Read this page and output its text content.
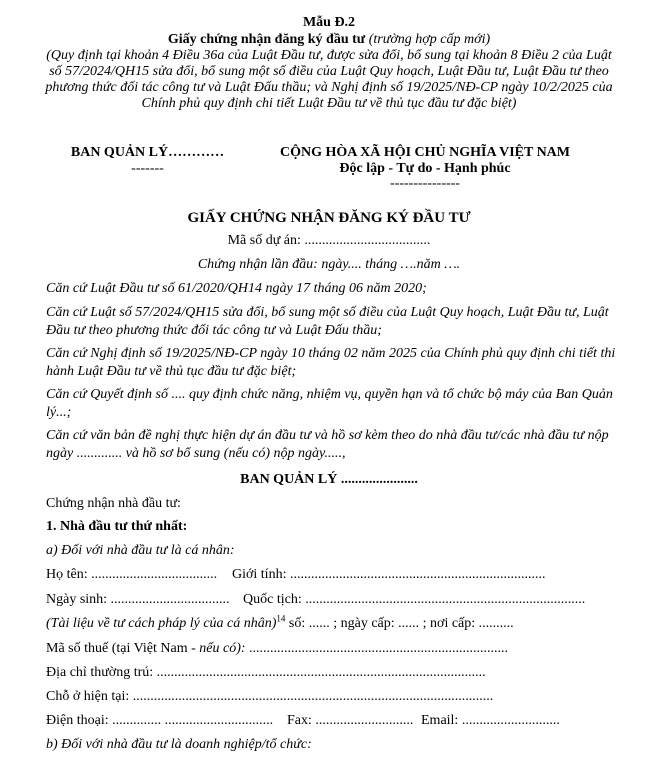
Mẫu Đ.2
Giấy chứng nhận đăng ký đầu tư (trường hợp cấp mới)
(Quy định tại khoản 4 Điều 36a của Luật Đầu tư, được sửa đổi, bổ sung tại khoản 8 Điều 2 của Luật số 57/2024/QH15 sửa đổi, bổ sung một số điều của Luật Quy hoạch, Luật Đầu tư, Luật Đầu tư theo phương thức đối tác công tư và Luật Đấu thầu; và Nghị định số 19/2025/NĐ-CP ngày 10/2/2025 của Chính phủ quy định chi tiết Luật Đầu tư về thủ tục đầu tư đặc biệt)
BAN QUẢN LÝ…………
-------
CỘNG HÒA XÃ HỘI CHỦ NGHĨA VIỆT NAM
Độc lập - Tự do - Hạnh phúc
---------------
GIẤY CHỨNG NHẬN ĐĂNG KÝ ĐẦU TƯ
Mã số dự án: ....................................
Chứng nhận lần đầu: ngày.... tháng ….năm ….
Căn cứ Luật Đầu tư số 61/2020/QH14 ngày 17 tháng 06 năm 2020;
Căn cứ Luật số 57/2024/QH15 sửa đổi, bổ sung một số điều của Luật Quy hoạch, Luật Đầu tư, Luật Đầu tư theo phương thức đối tác công tư và Luật Đấu thầu;
Căn cứ Nghị định số 19/2025/NĐ-CP ngày 10 tháng 02 năm 2025 của Chính phủ quy định chi tiết thi hành Luật Đầu tư về thủ tục đầu tư đặc biệt;
Căn cứ Quyết định số .... quy định chức năng, nhiệm vụ, quyền hạn và tổ chức bộ máy của Ban Quản lý...;
Căn cứ văn bản đề nghị thực hiện dự án đầu tư và hồ sơ kèm theo do nhà đầu tư/các nhà đầu tư nộp ngày ............. và hồ sơ bổ sung (nếu có) nộp ngày.....,
BAN QUẢN LÝ ......................
Chứng nhận nhà đầu tư:
1. Nhà đầu tư thứ nhất:
a) Đối với nhà đầu tư là cá nhân:
Họ tên: .................................... Giới tính: .........................................................................
Ngày sinh: .................................. Quốc tịch: ................................................................................
(Tài liệu về tư cách pháp lý của cá nhân)$^{14}$ số: ...... ; ngày cấp: ...... ; nơi cấp: ..........
Mã số thuế (tại Việt Nam - nếu có): ..........................................................................
Địa chỉ thường trú: ..............................................................................................
Chỗ ở hiện tại: .......................................................................................................
Điện thoại: .............. ............................... Fax: ............................ Email: ............................
b) Đối với nhà đầu tư là doanh nghiệp/tổ chức:
